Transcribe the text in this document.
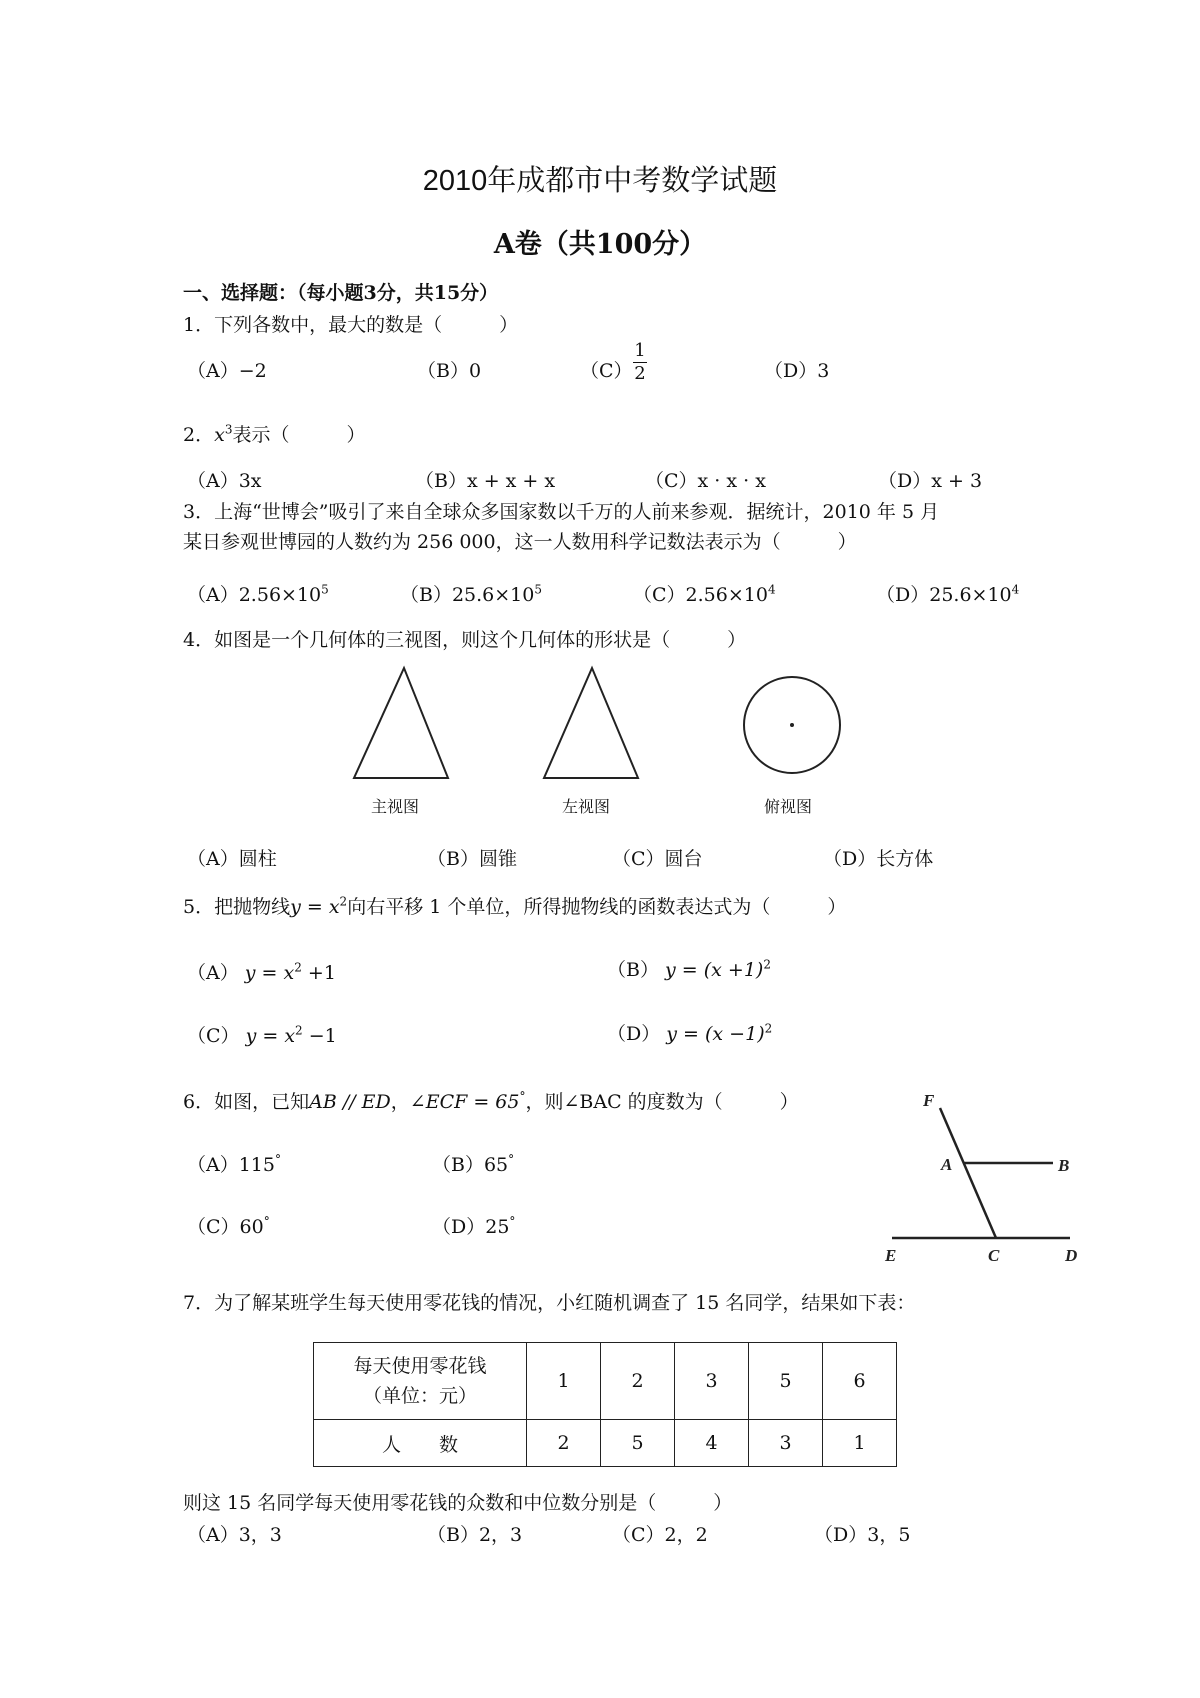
2010年成都市中考数学试题
A卷（共100分）
一、选择题：（每小题3分，共15分）
1．下列各数中，最大的数是（　　　）
（A）−2	（B）0	（C）
1
2	（D）3
2．$x^3$表示（　　　）
（A）3x	（B）x + x + x	（C）x · x · x	（D）x + 3
3．上海“世博会”吸引了来自全球众多国家数以千万的人前来参观．据统计，2010 年 5 月
某日参观世博园的人数约为 256 000，这一人数用科学记数法表示为（　　　）
$(A)2.56\times 10^5$	$(B)25.6\times 10^5$	$(C)2.56\times 10^4$	$(D)25.6\times 10^4$
4．如图是一个几何体的三视图，则这个几何体的形状是（　　　）
主视图	左视图	俯视图
（A）圆柱	（B）圆锥	（C）圆台	（D）长方体
5．把抛物线$y = x^2$向右平移 1 个单位，所得抛物线的函数表达式为（　　　）
（A） $y = x^2 +1$	（B） $y = (x +1)^2$
（C） $y = x^2 -1$	（D） $y = (x -1)^2$
6．如图，已知AB // ED，∠ECF = 65°，则∠BAC 的度数为（　　　）
（A）115°	（B）65°
（C）60°	（D）25°
F
A	B
E	C	D
7．为了解某班学生每天使用零花钱的情况，小红随机调查了 15 名同学，结果如下表：
每天使用零花钱
（单位：元）	1	2	3	5	6
人　　数	2	5	4	3	1
则这 15 名同学每天使用零花钱的众数和中位数分别是（　　　）
（A）3，3	（B）2，3	（C）2，2	（D）3，5
